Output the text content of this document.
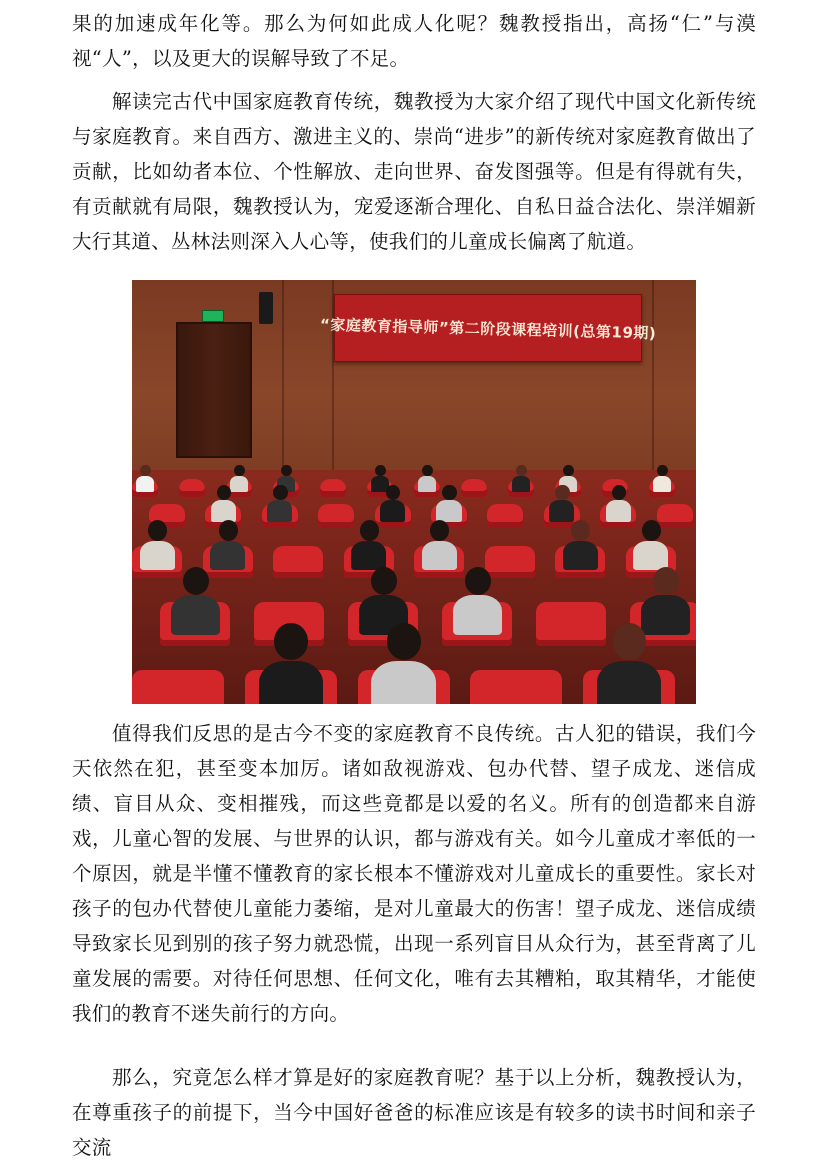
果的加速成年化等。那么为何如此成人化呢？魏教授指出，高扬“仁”与漠视“人”，以及更大的误解导致了不足。

解读完古代中国家庭教育传统，魏教授为大家介绍了现代中国文化新传统与家庭教育。来自西方、激进主义的、崇尚“进步”的新传统对家庭教育做出了贡献，比如幼者本位、个性解放、走向世界、奋发图强等。但是有得就有失，有贡献就有局限，魏教授认为，宠爱逐渐合理化、自私日益合法化、崇洋媚新大行其道、丛林法则深入人心等，使我们的儿童成长偏离了航道。

“家庭教育指导师”第二阶段课程培训(总第19期)

值得我们反思的是古今不变的家庭教育不良传统。古人犯的错误，我们今天依然在犯，甚至变本加厉。诸如敌视游戏、包办代替、望子成龙、迷信成绩、盲目从众、变相摧残，而这些竟都是以爱的名义。所有的创造都来自游戏，儿童心智的发展、与世界的认识，都与游戏有关。如今儿童成才率低的一个原因，就是半懂不懂教育的家长根本不懂游戏对儿童成长的重要性。家长对孩子的包办代替使儿童能力萎缩，是对儿童最大的伤害！望子成龙、迷信成绩导致家长见到别的孩子努力就恐慌，出现一系列盲目从众行为，甚至背离了儿童发展的需要。对待任何思想、任何文化，唯有去其糟粕，取其精华，才能使我们的教育不迷失前行的方向。

那么，究竟怎么样才算是好的家庭教育呢？基于以上分析，魏教授认为，在尊重孩子的前提下，当今中国好爸爸的标准应该是有较多的读书时间和亲子交流
